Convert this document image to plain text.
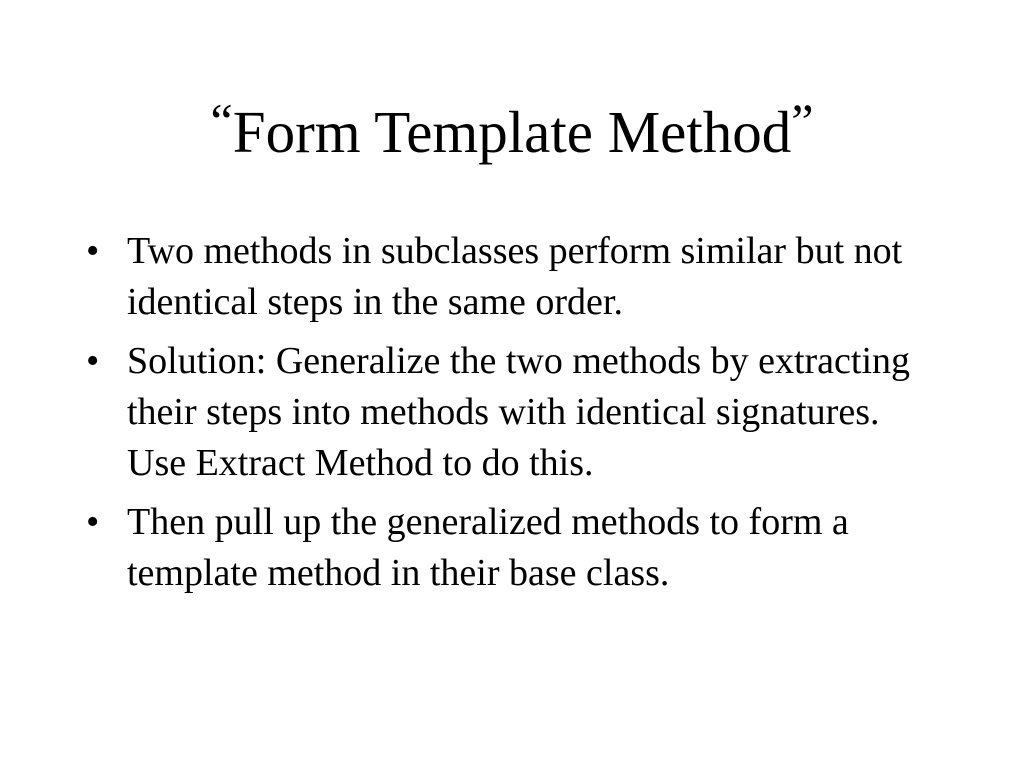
“Form Template Method”
• Two methods in subclasses perform similar but not identical steps in the same order.
• Solution: Generalize the two methods by extracting their steps into methods with identical signatures. Use Extract Method to do this.
• Then pull up the generalized methods to form a template method in their base class.
